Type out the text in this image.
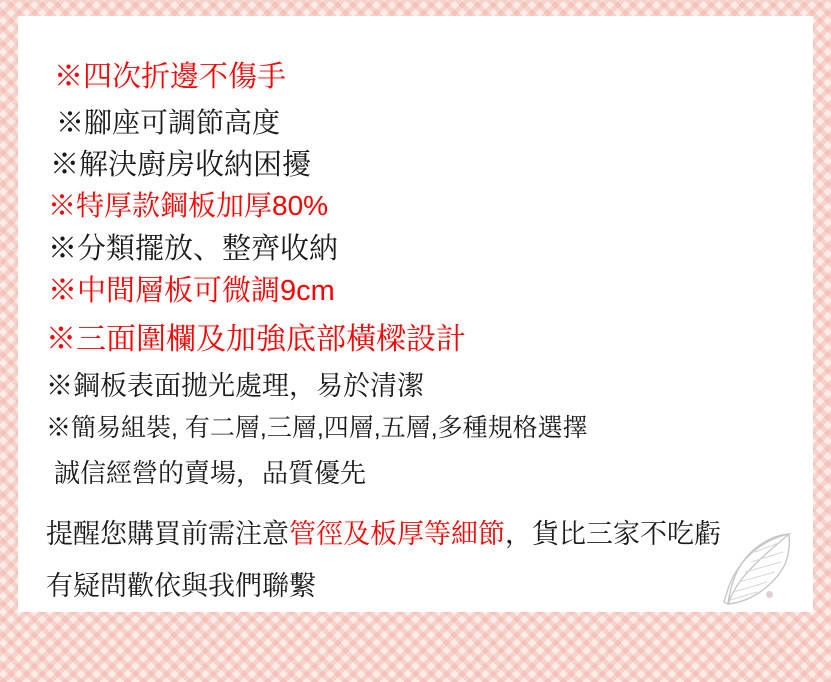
※四次折邊不傷手
※腳座可調節高度
※解決廚房收納困擾
※特厚款鋼板加厚80%
※分類擺放、整齊收納
※中間層板可微調9cm
※三面圍欄及加強底部橫樑設計
※鋼板表面拋光處理，易於清潔
※簡易組裝, 有二層,三層,四層,五層,多種規格選擇
誠信經營的賣場，品質優先
提醒您購買前需注意管徑及板厚等細節，貨比三家不吃虧
有疑問歡依與我們聯繫
